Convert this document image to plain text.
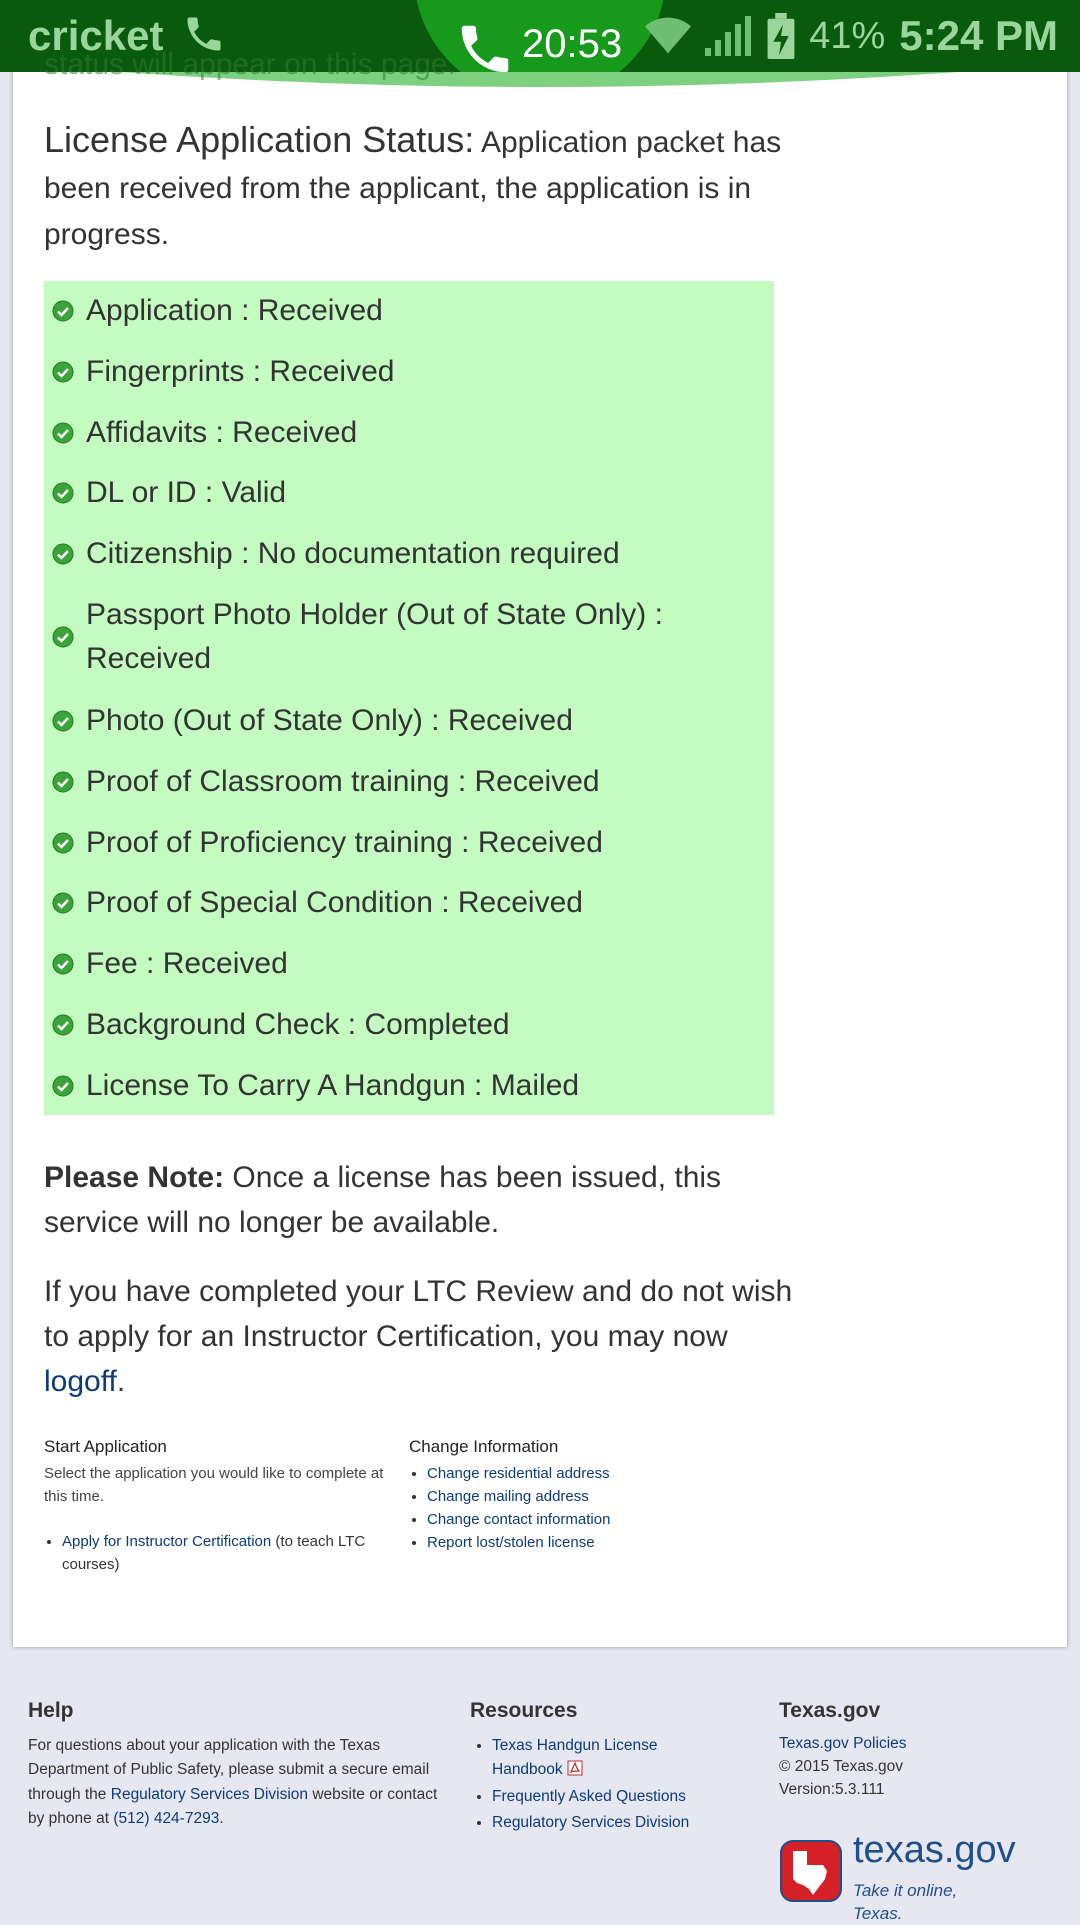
cricket	20:53	41% 5:24 PM
License Application Status: Application packet has been received from the applicant, the application is in progress.
Application : Received
Fingerprints : Received
Affidavits : Received
DL or ID : Valid
Citizenship : No documentation required
Passport Photo Holder (Out of State Only) : Received
Photo (Out of State Only) : Received
Proof of Classroom training : Received
Proof of Proficiency training : Received
Proof of Special Condition : Received
Fee : Received
Background Check : Completed
License To Carry A Handgun : Mailed
Please Note: Once a license has been issued, this service will no longer be available.
If you have completed your LTC Review and do not wish to apply for an Instructor Certification, you may now logoff.
Start Application
Select the application you would like to complete at this time.
• Apply for Instructor Certification (to teach LTC courses)
Change Information
• Change residential address
• Change mailing address
• Change contact information
• Report lost/stolen license
status will appear on this page.
Help
For questions about your application with the Texas Department of Public Safety, please submit a secure email through the Regulatory Services Division website or contact by phone at (512) 424-7293.
Resources
• Texas Handgun License Handbook
• Frequently Asked Questions
• Regulatory Services Division
Texas.gov
Texas.gov Policies
© 2015 Texas.gov
Version:5.3.111
texas.gov
Take it online, Texas.
